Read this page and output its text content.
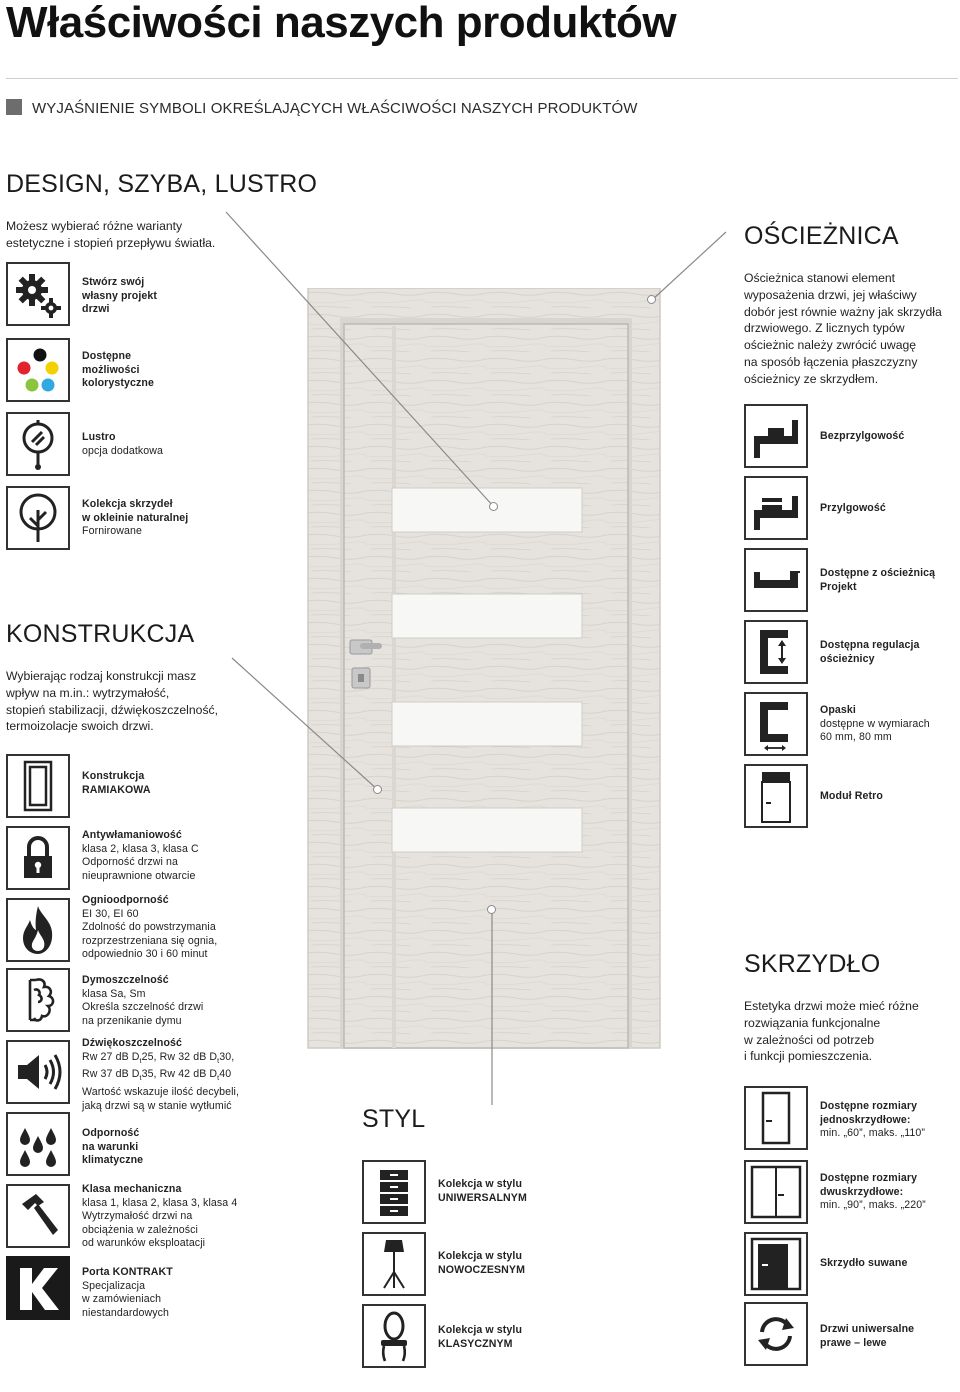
Właściwości naszych produktów
WYJAŚNIENIE SYMBOLI OKREŚLAJĄCYCH WŁAŚCIWOŚCI NASZYCH PRODUKTÓW
DESIGN, SZYBA, LUSTRO
Możesz wybierać różne warianty
estetyczne i stopień przepływu światła.
Stwórz swój
własny projekt
drzwi
Dostępne
możliwości
kolorystyczne
Lustro
opcja dodatkowa
Kolekcja skrzydeł
w okleinie naturalnej
Fornirowane
KONSTRUKCJA
Wybierając rodzaj konstrukcji masz
wpływ na m.in.: wytrzymałość,
stopień stabilizacji, dźwiękoszczelność,
termoizolacje swoich drzwi.
Konstrukcja
RAMIAKOWA
Antywłamaniowość
klasa 2, klasa 3, klasa C
Odporność drzwi na
nieuprawnione otwarcie
Ognioodporność
EI 30, EI 60
Zdolność do powstrzymania
rozprzestrzeniana się ognia,
odpowiednio 30 i 60 minut
Dymoszczelność
klasa Sa, Sm
Określa szczelność drzwi
na przenikanie dymu
Dźwiękoszczelność
Rw 27 dB $D_t25$, Rw 32 dB $D_t30$,
Rw 37 dB $D_t35$, Rw 42 dB $D_t40$
Wartość wskazuje ilość decybeli,
jaką drzwi są w stanie wytłumić
Odporność
na warunki
klimatyczne
Klasa mechaniczna
klasa 1, klasa 2, klasa 3, klasa 4
Wytrzymałość drzwi na
obciążenia w zależności
od warunków eksploatacji
Porta KONTRAKT
Specjalizacja
w zamówieniach
niestandardowych
OŚCIEŻNICA
Ościeżnica stanowi element
wyposażenia drzwi, jej właściwy
dobór jest równie ważny jak skrzydła
drzwiowego. Z licznych typów
ościeżnic należy zwrócić uwagę
na sposób łączenia płaszczyzny
ościeżnicy ze skrzydłem.
Bezprzylgowość
Przylgowość
Dostępne z ościeżnicą
Projekt
Dostępna regulacja
ościeżnicy
Opaski
dostępne w wymiarach
60 mm, 80 mm
Moduł Retro
SKRZYDŁO
Estetyka drzwi może mieć różne
rozwiązania funkcjonalne
w zależności od potrzeb
i funkcji pomieszczenia.
Dostępne rozmiary
jednoskrzydłowe:
min. „60”, maks. „110”
Dostępne rozmiary
dwuskrzydłowe:
min. „90”, maks. „220”
Skrzydło suwane
Drzwi uniwersalne
prawe – lewe
STYL
Kolekcja w stylu
UNIWERSALNYM
Kolekcja w stylu
NOWOCZESNYM
Kolekcja w stylu
KLASYCZNYM
